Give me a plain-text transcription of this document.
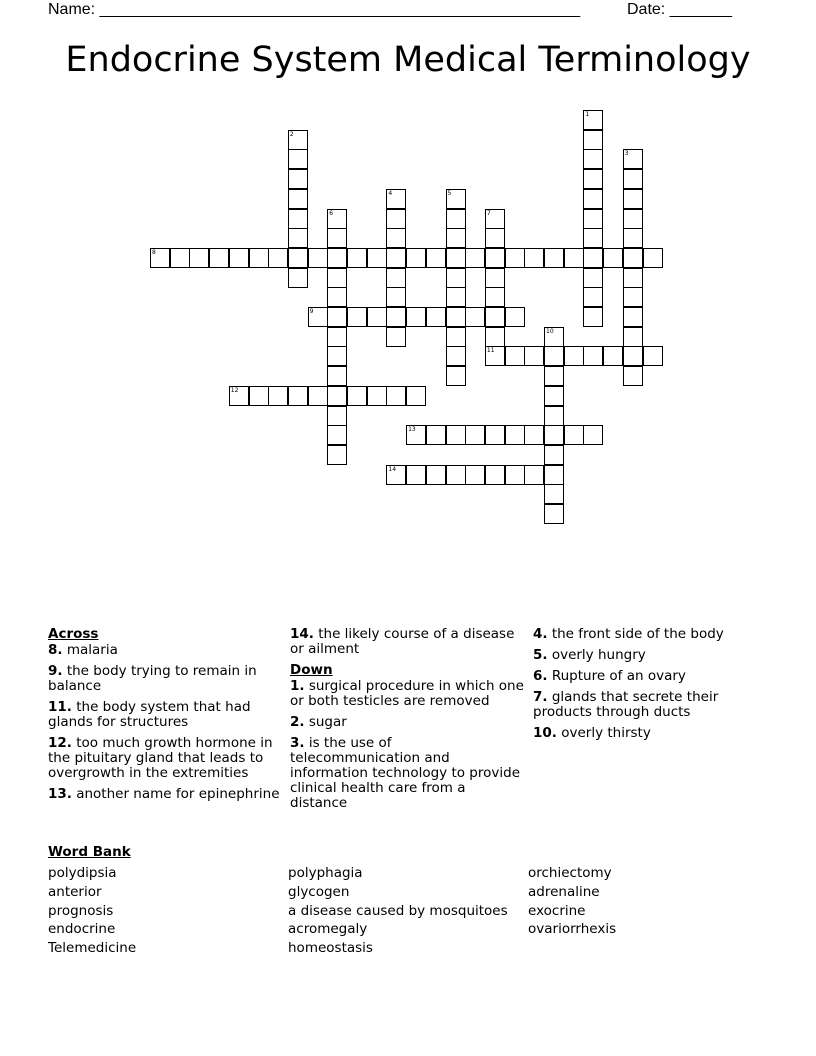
Name: ______________________________________________________	Date: _______
Endocrine System Medical Terminology
8
9
11
12
13
14
1
2
3
4	5
6	7
10
Across
8. malaria
9. the body trying to remain in balance
11. the body system that had glands for structures
12. too much growth hormone in the pituitary gland that leads to overgrowth in the extremities
13. another name for epinephrine
14. the likely course of a disease or ailment
Down
1. surgical procedure in which one or both testicles are removed
2. sugar
3. is the use of telecommunication and information technology to provide clinical health care from a distance
4. the front side of the body
5. overly hungry
6. Rupture of an ovary
7. glands that secrete their products through ducts
10. overly thirsty
Word Bank
polydipsia
anterior
prognosis
endocrine
Telemedicine
polyphagia
glycogen
a disease caused by mosquitoes
acromegaly
homeostasis
orchiectomy
adrenaline
exocrine
ovariorrhexis
